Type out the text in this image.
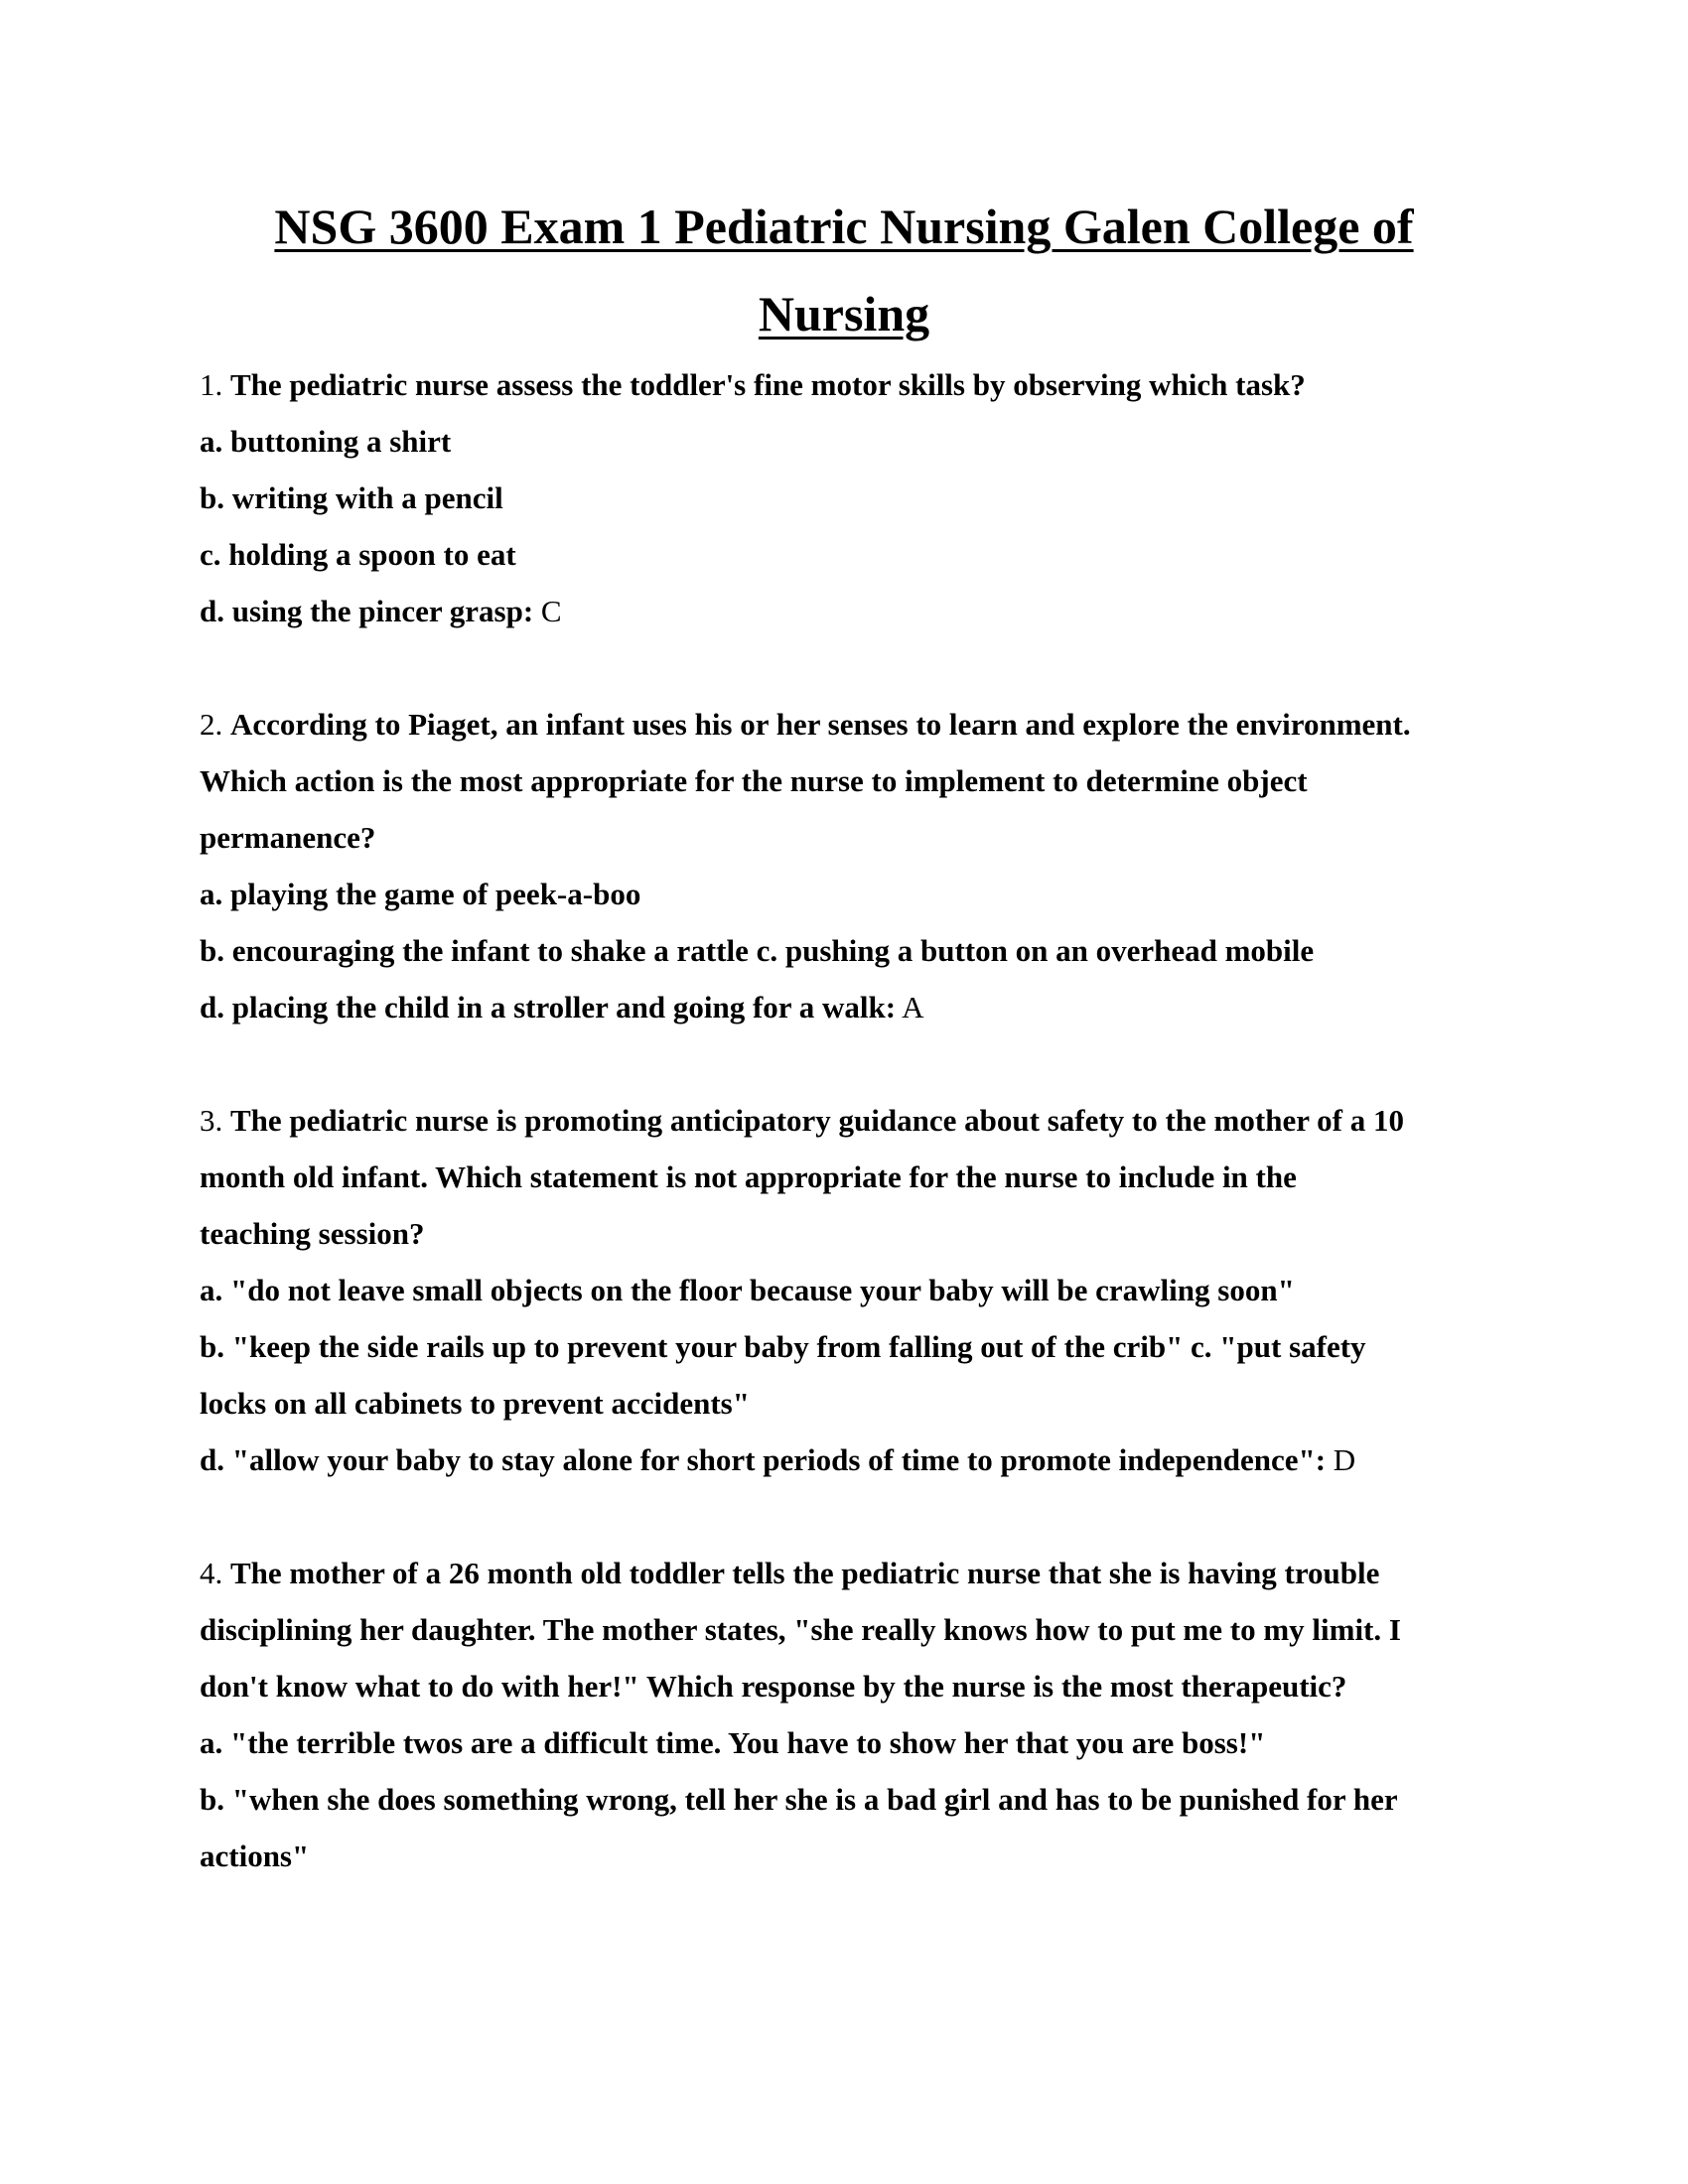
NSG 3600 Exam 1 Pediatric Nursing Galen College of
Nursing

1. The pediatric nurse assess the toddler's fine motor skills by observing which task?

a. buttoning a shirt

b. writing with a pencil

c. holding a spoon to eat

d. using the pincer grasp: C

2. According to Piaget, an infant uses his or her senses to learn and explore the environment.

Which action is the most appropriate for the nurse to implement to determine object

permanence?

a. playing the game of peek-a-boo

b. encouraging the infant to shake a rattle c. pushing a button on an overhead mobile

d. placing the child in a stroller and going for a walk: A

3. The pediatric nurse is promoting anticipatory guidance about safety to the mother of a 10

month old infant. Which statement is not appropriate for the nurse to include in the

teaching session?

a. "do not leave small objects on the floor because your baby will be crawling soon"

b. "keep the side rails up to prevent your baby from falling out of the crib" c. "put safety

locks on all cabinets to prevent accidents"

d. "allow your baby to stay alone for short periods of time to promote independence": D

4. The mother of a 26 month old toddler tells the pediatric nurse that she is having trouble

disciplining her daughter. The mother states, "she really knows how to put me to my limit. I

don't know what to do with her!" Which response by the nurse is the most therapeutic?

a. "the terrible twos are a difficult time. You have to show her that you are boss!"

b. "when she does something wrong, tell her she is a bad girl and has to be punished for her

actions"
